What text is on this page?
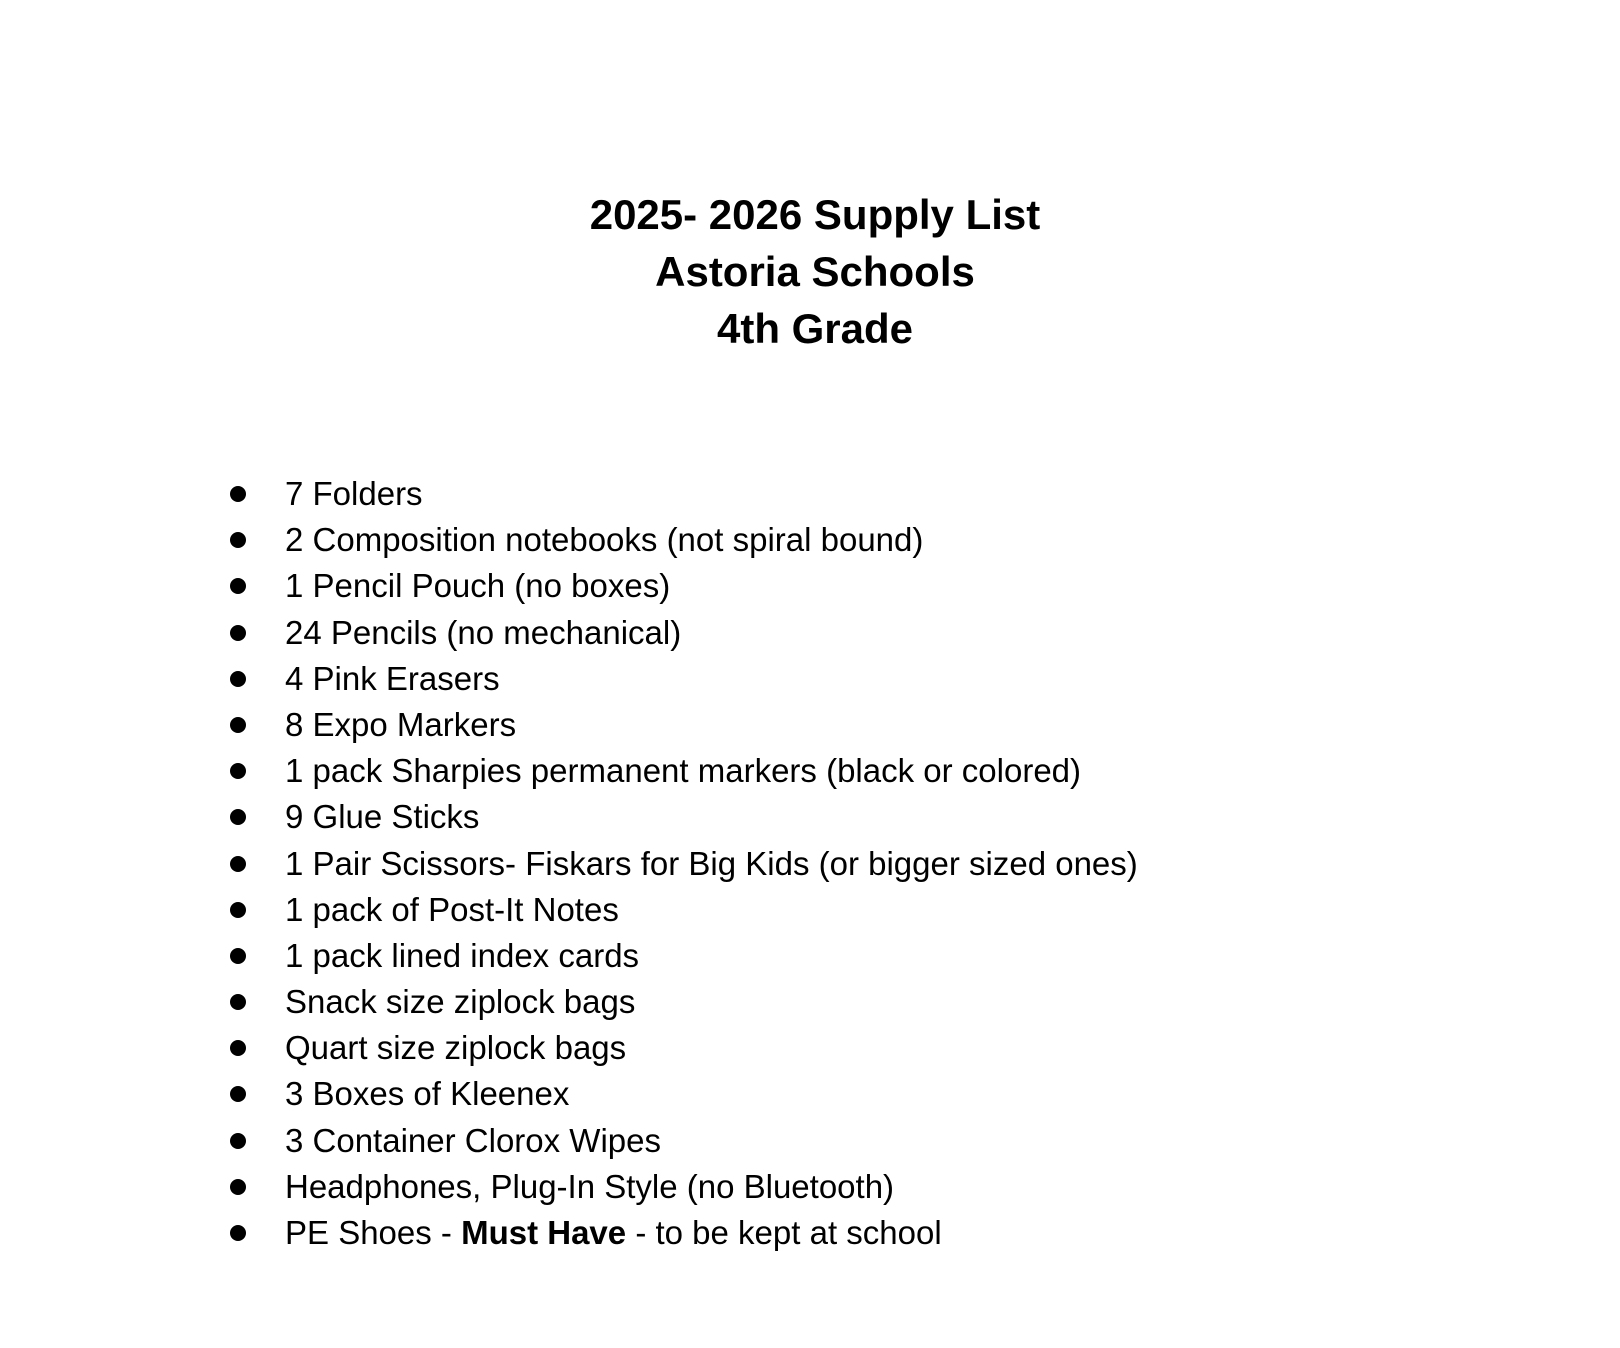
2025- 2026 Supply List
Astoria Schools
4th Grade
7 Folders
2 Composition notebooks (not spiral bound)
1 Pencil Pouch (no boxes)
24 Pencils (no mechanical)
4 Pink Erasers
8 Expo Markers
1 pack Sharpies permanent markers (black or colored)
9 Glue Sticks
1 Pair Scissors- Fiskars for Big Kids (or bigger sized ones)
1 pack of Post-It Notes
1 pack lined index cards
Snack size ziplock bags
Quart size ziplock bags
3 Boxes of Kleenex
3 Container Clorox Wipes
Headphones, Plug-In Style (no Bluetooth)
PE Shoes - Must Have - to be kept at school
